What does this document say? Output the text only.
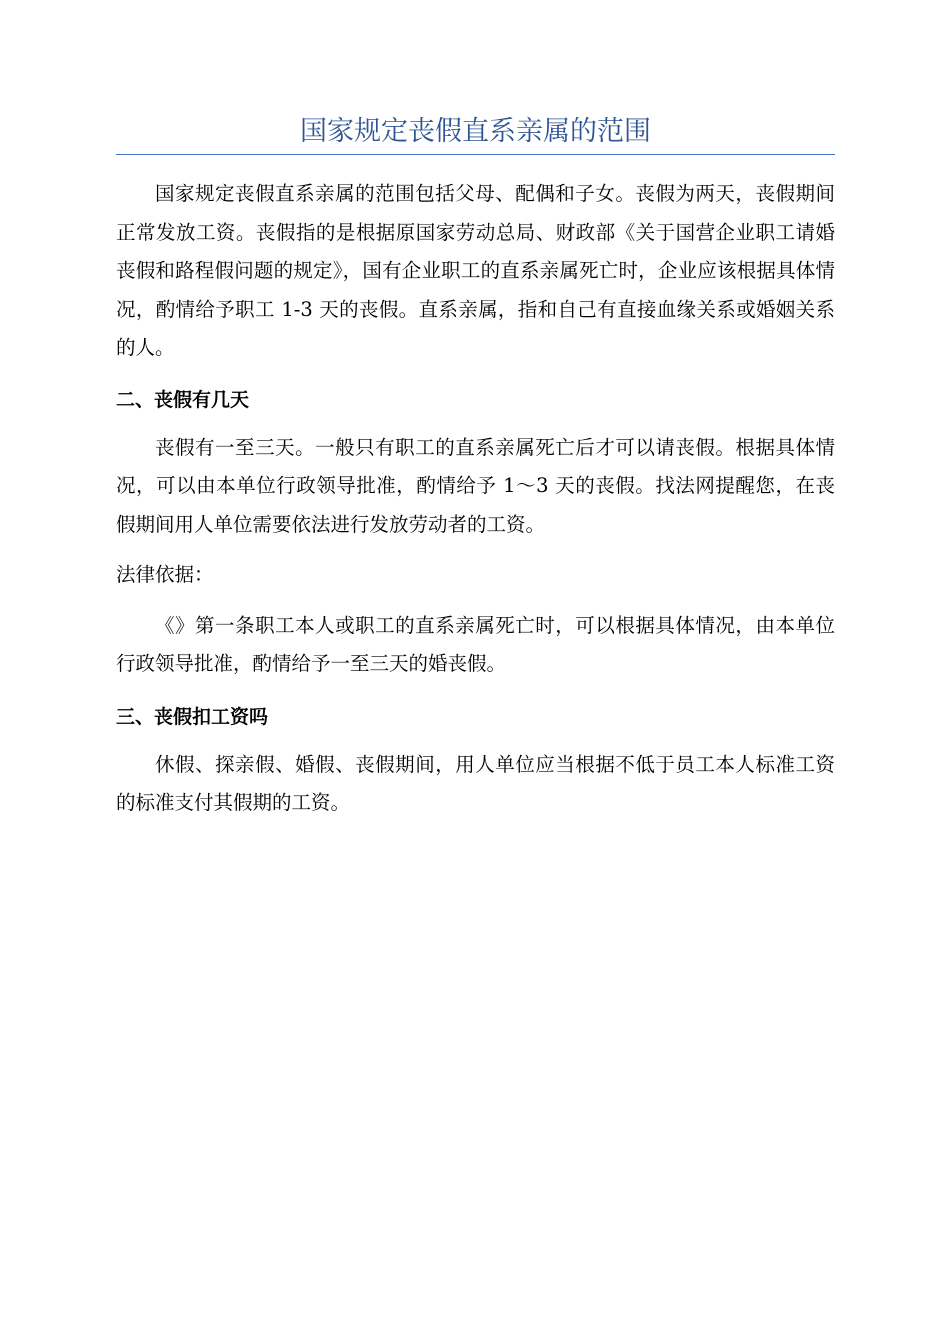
国家规定丧假直系亲属的范围

国家规定丧假直系亲属的范围包括父母、配偶和子女。丧假为两天，丧假期间正常发放工资。丧假指的是根据原国家劳动总局、财政部《关于国营企业职工请婚丧假和路程假问题的规定》，国有企业职工的直系亲属死亡时，企业应该根据具体情况，酌情给予职工 1-3 天的丧假。直系亲属，指和自己有直接血缘关系或婚姻关系的人。

二、丧假有几天

丧假有一至三天。一般只有职工的直系亲属死亡后才可以请丧假。根据具体情况，可以由本单位行政领导批准，酌情给予 1～3 天的丧假。找法网提醒您，在丧假期间用人单位需要依法进行发放劳动者的工资。

法律依据：

《》第一条职工本人或职工的直系亲属死亡时，可以根据具体情况，由本单位行政领导批准，酌情给予一至三天的婚丧假。

三、丧假扣工资吗

休假、探亲假、婚假、丧假期间，用人单位应当根据不低于员工本人标准工资的标准支付其假期的工资。
